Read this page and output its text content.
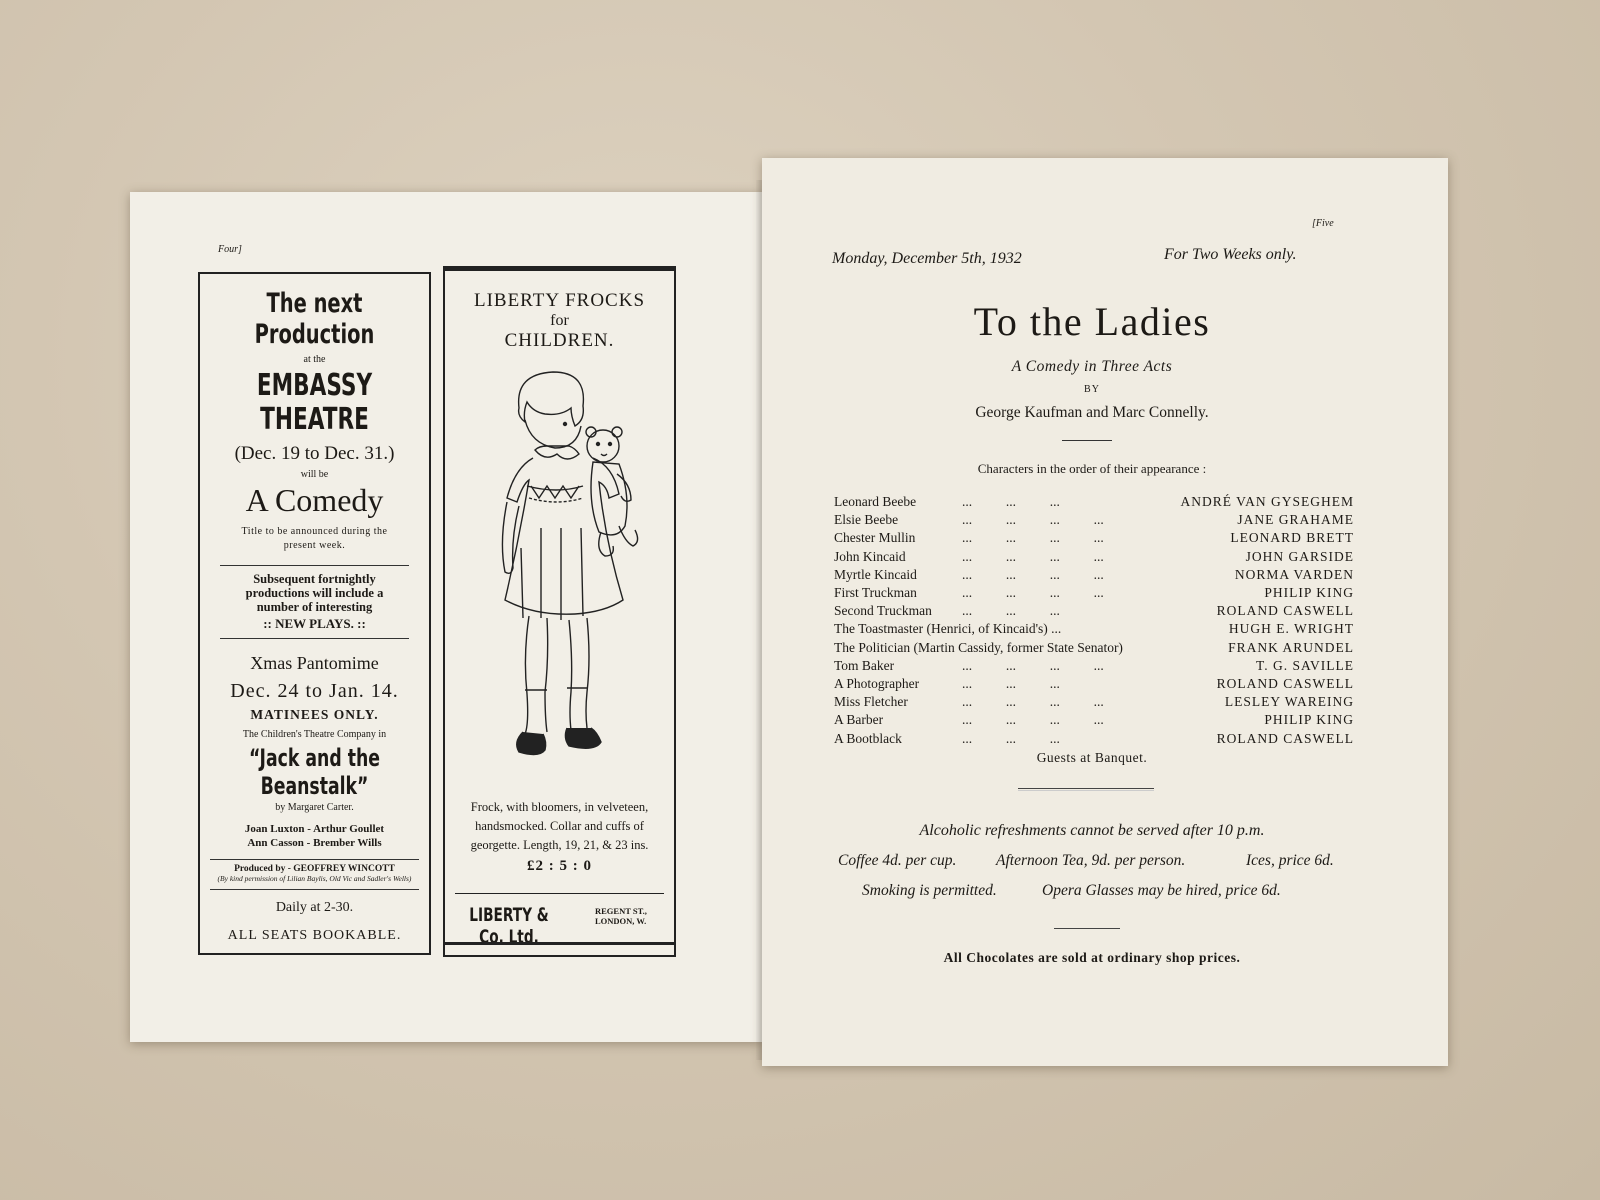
Four]
The next Production
at the
EMBASSY
THEATRE
(Dec. 19 to Dec. 31.)
will be
A Comedy
Title to be announced during the present week.
Subsequent fortnightly productions will include a number of interesting
:: NEW PLAYS. ::
Xmas Pantomime
Dec. 24 to Jan. 14.
MATINEES ONLY.
The Children's Theatre Company in
“Jack and the Beanstalk”
by Margaret Carter.
Joan Luxton - Arthur Goullet
Ann Casson - Brember Wills
Produced by - GEOFFREY WINCOTT
(By kind permission of Lilian Baylis, Old Vic and Sadler's Wells)
Daily at 2-30.
ALL SEATS BOOKABLE.
LIBERTY FROCKS
for
CHILDREN.
Frock, with bloomers, in velveteen, handsmocked. Collar and cuffs of georgette. Length, 19, 21, & 23 ins.
£2 : 5 : 0
LIBERTY & Co. Ltd.
REGENT ST.,
LONDON, W.
[Five
Monday, December 5th, 1932	For Two Weeks only.
To the Ladies
A Comedy in Three Acts
BY
George Kaufman and Marc Connelly.
Characters in the order of their appearance :
Guests at Banquet.
Alcoholic refreshments cannot be served after 10 p.m.
Coffee 4d. per cup.	Afternoon Tea, 9d. per person.	Ices, price 6d.
Smoking is permitted.	Opera Glasses may be hired, price 6d.
All Chocolates are sold at ordinary shop prices.
Leonard Beebe	...          ...          ...	ANDRÉ VAN GYSEGHEM
Elsie Beebe	...          ...          ...          ...	JANE GRAHAME
Chester Mullin	...          ...          ...          ...	LEONARD BRETT
John Kincaid	...          ...          ...          ...	JOHN GARSIDE
Myrtle Kincaid	...          ...          ...          ...	NORMA VARDEN
First Truckman	...          ...          ...          ...	PHILIP KING
Second Truckman ...          ...          ...	ROLAND CASWELL
The Toastmaster (Henrici, of Kincaid's) ...	HUGH E. WRIGHT
The Politician (Martin Cassidy, former State Senator)	FRANK ARUNDEL
Tom Baker	...          ...          ...          ...	T. G. SAVILLE
A Photographer	...          ...          ...	ROLAND CASWELL
Miss Fletcher	...          ...          ...          ...	LESLEY WAREING
A Barber	...          ...          ...          ...	PHILIP KING
A Bootblack	...          ...          ...	ROLAND CASWELL
